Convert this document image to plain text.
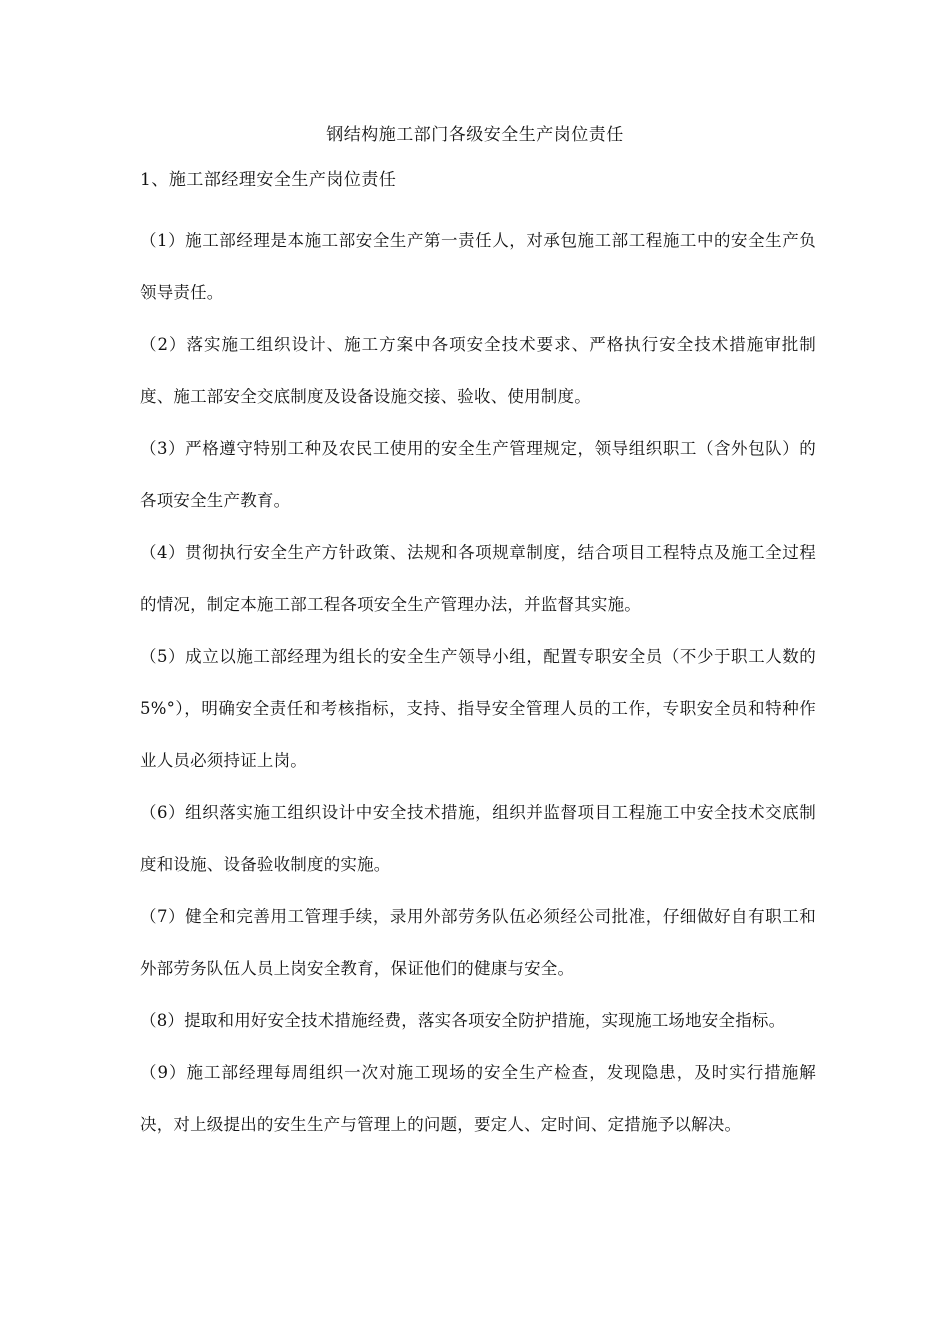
钢结构施工部门各级安全生产岗位责任
1、施工部经理安全生产岗位责任

（1）施工部经理是本施工部安全生产第一责任人，对承包施工部工程施工中的安全生产负领导责任。

（2）落实施工组织设计、施工方案中各项安全技术要求、严格执行安全技术措施审批制度、施工部安全交底制度及设备设施交接、验收、使用制度。

（3）严格遵守特别工种及农民工使用的安全生产管理规定，领导组织职工（含外包队）的各项安全生产教育。

（4）贯彻执行安全生产方针政策、法规和各项规章制度，结合项目工程特点及施工全过程的情况，制定本施工部工程各项安全生产管理办法，并监督其实施。

（5）成立以施工部经理为组长的安全生产领导小组，配置专职安全员（不少于职工人数的 5%°），明确安全责任和考核指标，支持、指导安全管理人员的工作，专职安全员和特种作业人员必须持证上岗。

（6）组织落实施工组织设计中安全技术措施，组织并监督项目工程施工中安全技术交底制度和设施、设备验收制度的实施。

（7）健全和完善用工管理手续，录用外部劳务队伍必须经公司批准，仔细做好自有职工和外部劳务队伍人员上岗安全教育，保证他们的健康与安全。

（8）提取和用好安全技术措施经费，落实各项安全防护措施，实现施工场地安全指标。

（9）施工部经理每周组织一次对施工现场的安全生产检查，发现隐患，及时实行措施解决，对上级提出的安生生产与管理上的问题，要定人、定时间、定措施予以解决。
